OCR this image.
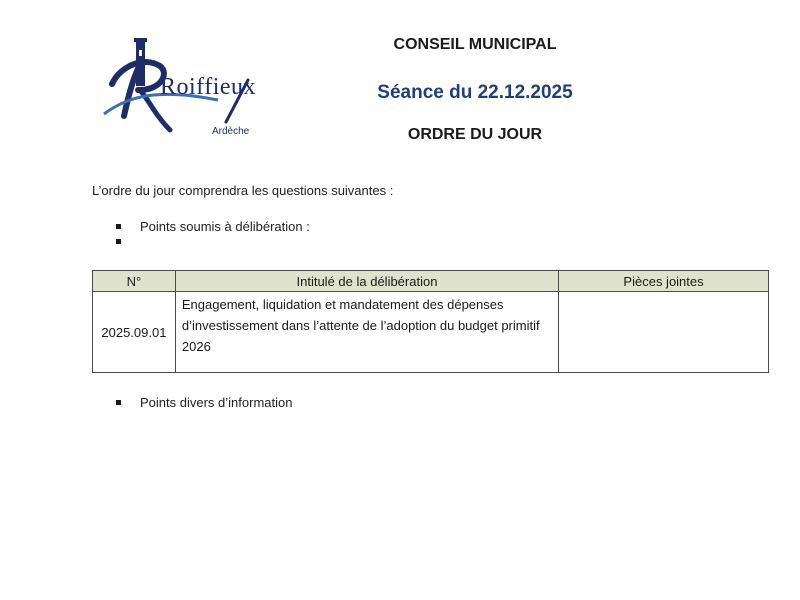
Roiffieux
Ardèche
CONSEIL MUNICIPAL
Séance du 22.12.2025
ORDRE DU JOUR
L’ordre du jour comprendra les questions suivantes :
Points soumis à délibération :
N°	Intitulé de la délibération	Pièces jointes
2025.09.01	Engagement, liquidation et mandatement des dépenses d’investissement dans l’attente de l’adoption du budget primitif 2026	
Points divers d’information
